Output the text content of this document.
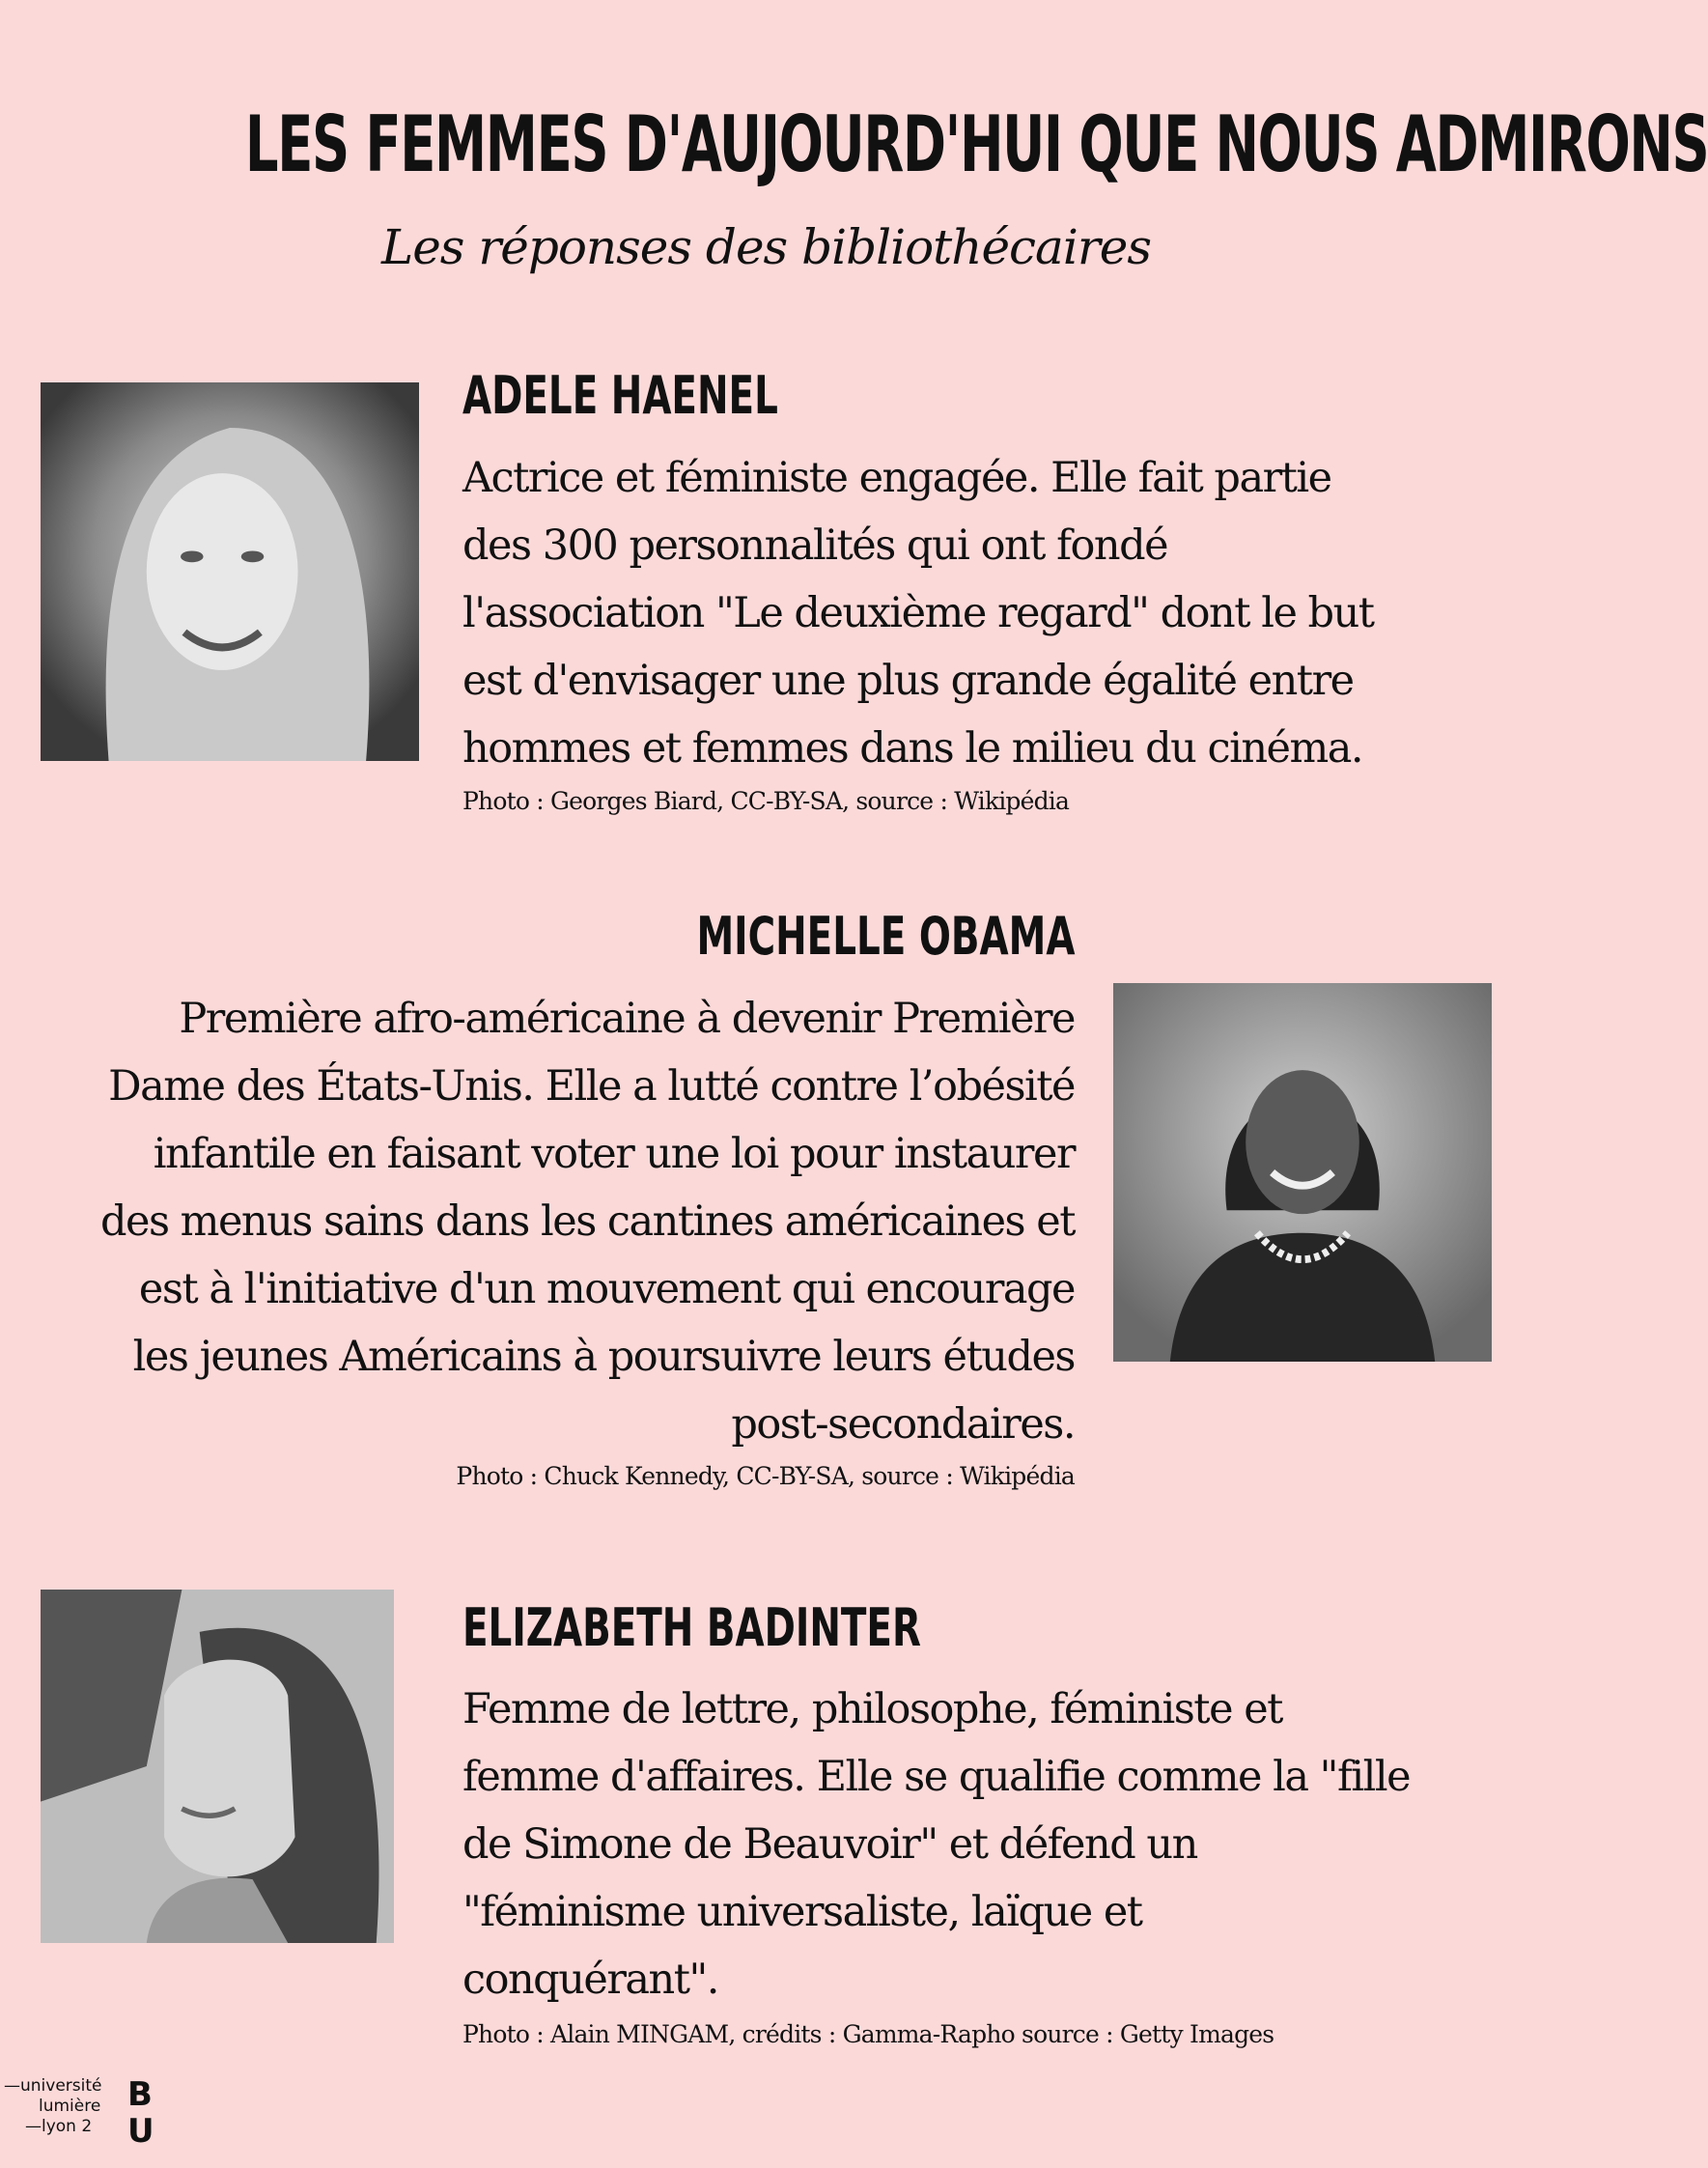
LES FEMMES D'AUJOURD'HUI QUE NOUS ADMIRONS
Les réponses des bibliothécaires
ADELE HAENEL
Actrice et féministe engagée. Elle fait partie
des 300 personnalités qui ont fondé
l'association "Le deuxième regard" dont le but
est d'envisager une plus grande égalité entre
hommes et femmes dans le milieu du cinéma.
Photo : Georges Biard, CC-BY-SA, source : Wikipédia
MICHELLE OBAMA
Première afro-américaine à devenir Première
Dame des États-Unis. Elle a lutté contre l’obésité
infantile en faisant voter une loi pour instaurer
des menus sains dans les cantines américaines et
est à l'initiative d'un mouvement qui encourage
les jeunes Américains à poursuivre leurs études
post-secondaires.
Photo : Chuck Kennedy, CC-BY-SA, source : Wikipédia
ELIZABETH BADINTER
Femme de lettre, philosophe, féministe et
femme d'affaires. Elle se qualifie comme la "fille
de Simone de Beauvoir" et défend un
"féminisme universaliste, laïque et
conquérant".
Photo : Alain MINGAM, crédits : Gamma-Rapho source : Getty Images
—université
lumière
—lyon 2
B
U
